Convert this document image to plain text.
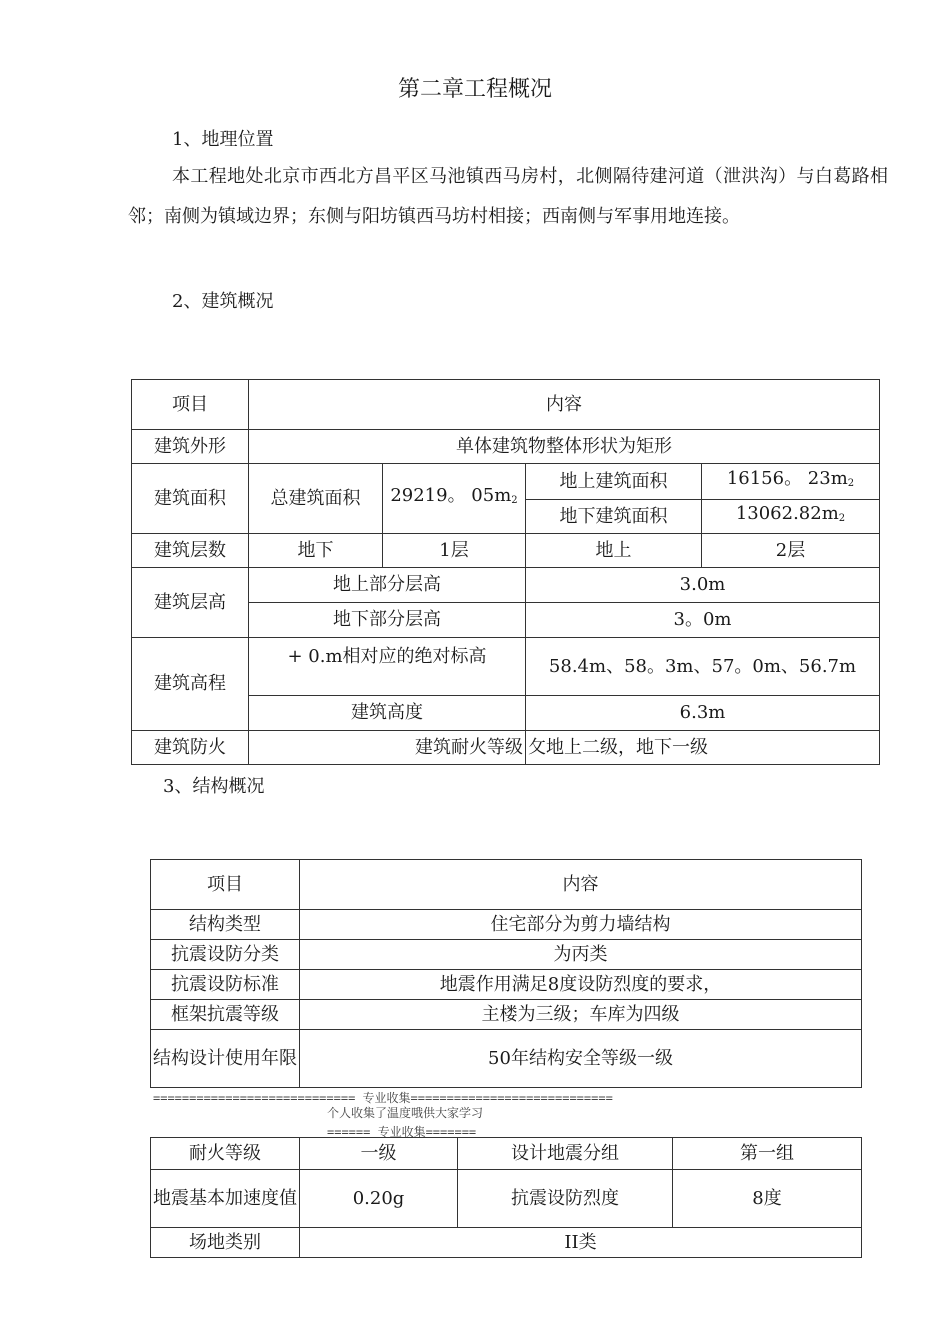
第二章工程概况
1、地理位置
本工程地处北京市西北方昌平区马池镇西马房村，北侧隔待建河道（泄洪沟）与白葛路相邻；南侧为镇域边界；东侧与阳坊镇西马坊村相接；西南侧与军事用地连接。
2、建筑概况
项目	内容			
建筑外形	单体建筑物整体形状为矩形			
建筑面积	总建筑面积	29219。 $05m_2$	地上建筑面积	16156。 $23m_2$
			地下建筑面积	$13062.82m_2$
建筑层数	地下	1层	地上	2层
建筑层高	地上部分层高		3.0m	
	地下部分层高		3。0m	
建筑高程	+ 0.m相对应的绝对标高		58.4m、58。3m、57。0m、56.7m	
	建筑高度		6.3m	
建筑防火	建筑耐火等级		攵地上二级，地下一级	
3、结构概况
项目	内容
结构类型	住宅部分为剪力墙结构
抗震设防分类	为丙类
抗震设防标准	地震作用满足8度设防烈度的要求，
框架抗震等级	主楼为三级；车库为四级
结构设计使用年限	50年结构安全等级一级
============================ 专业收集============================
个人收集了温度哦供大家学习
====== 专业收集=======
耐火等级	一级	设计地震分组	第一组
地震基本加速度值	0.20g	抗震设防烈度	8度
场地类别	II类		
